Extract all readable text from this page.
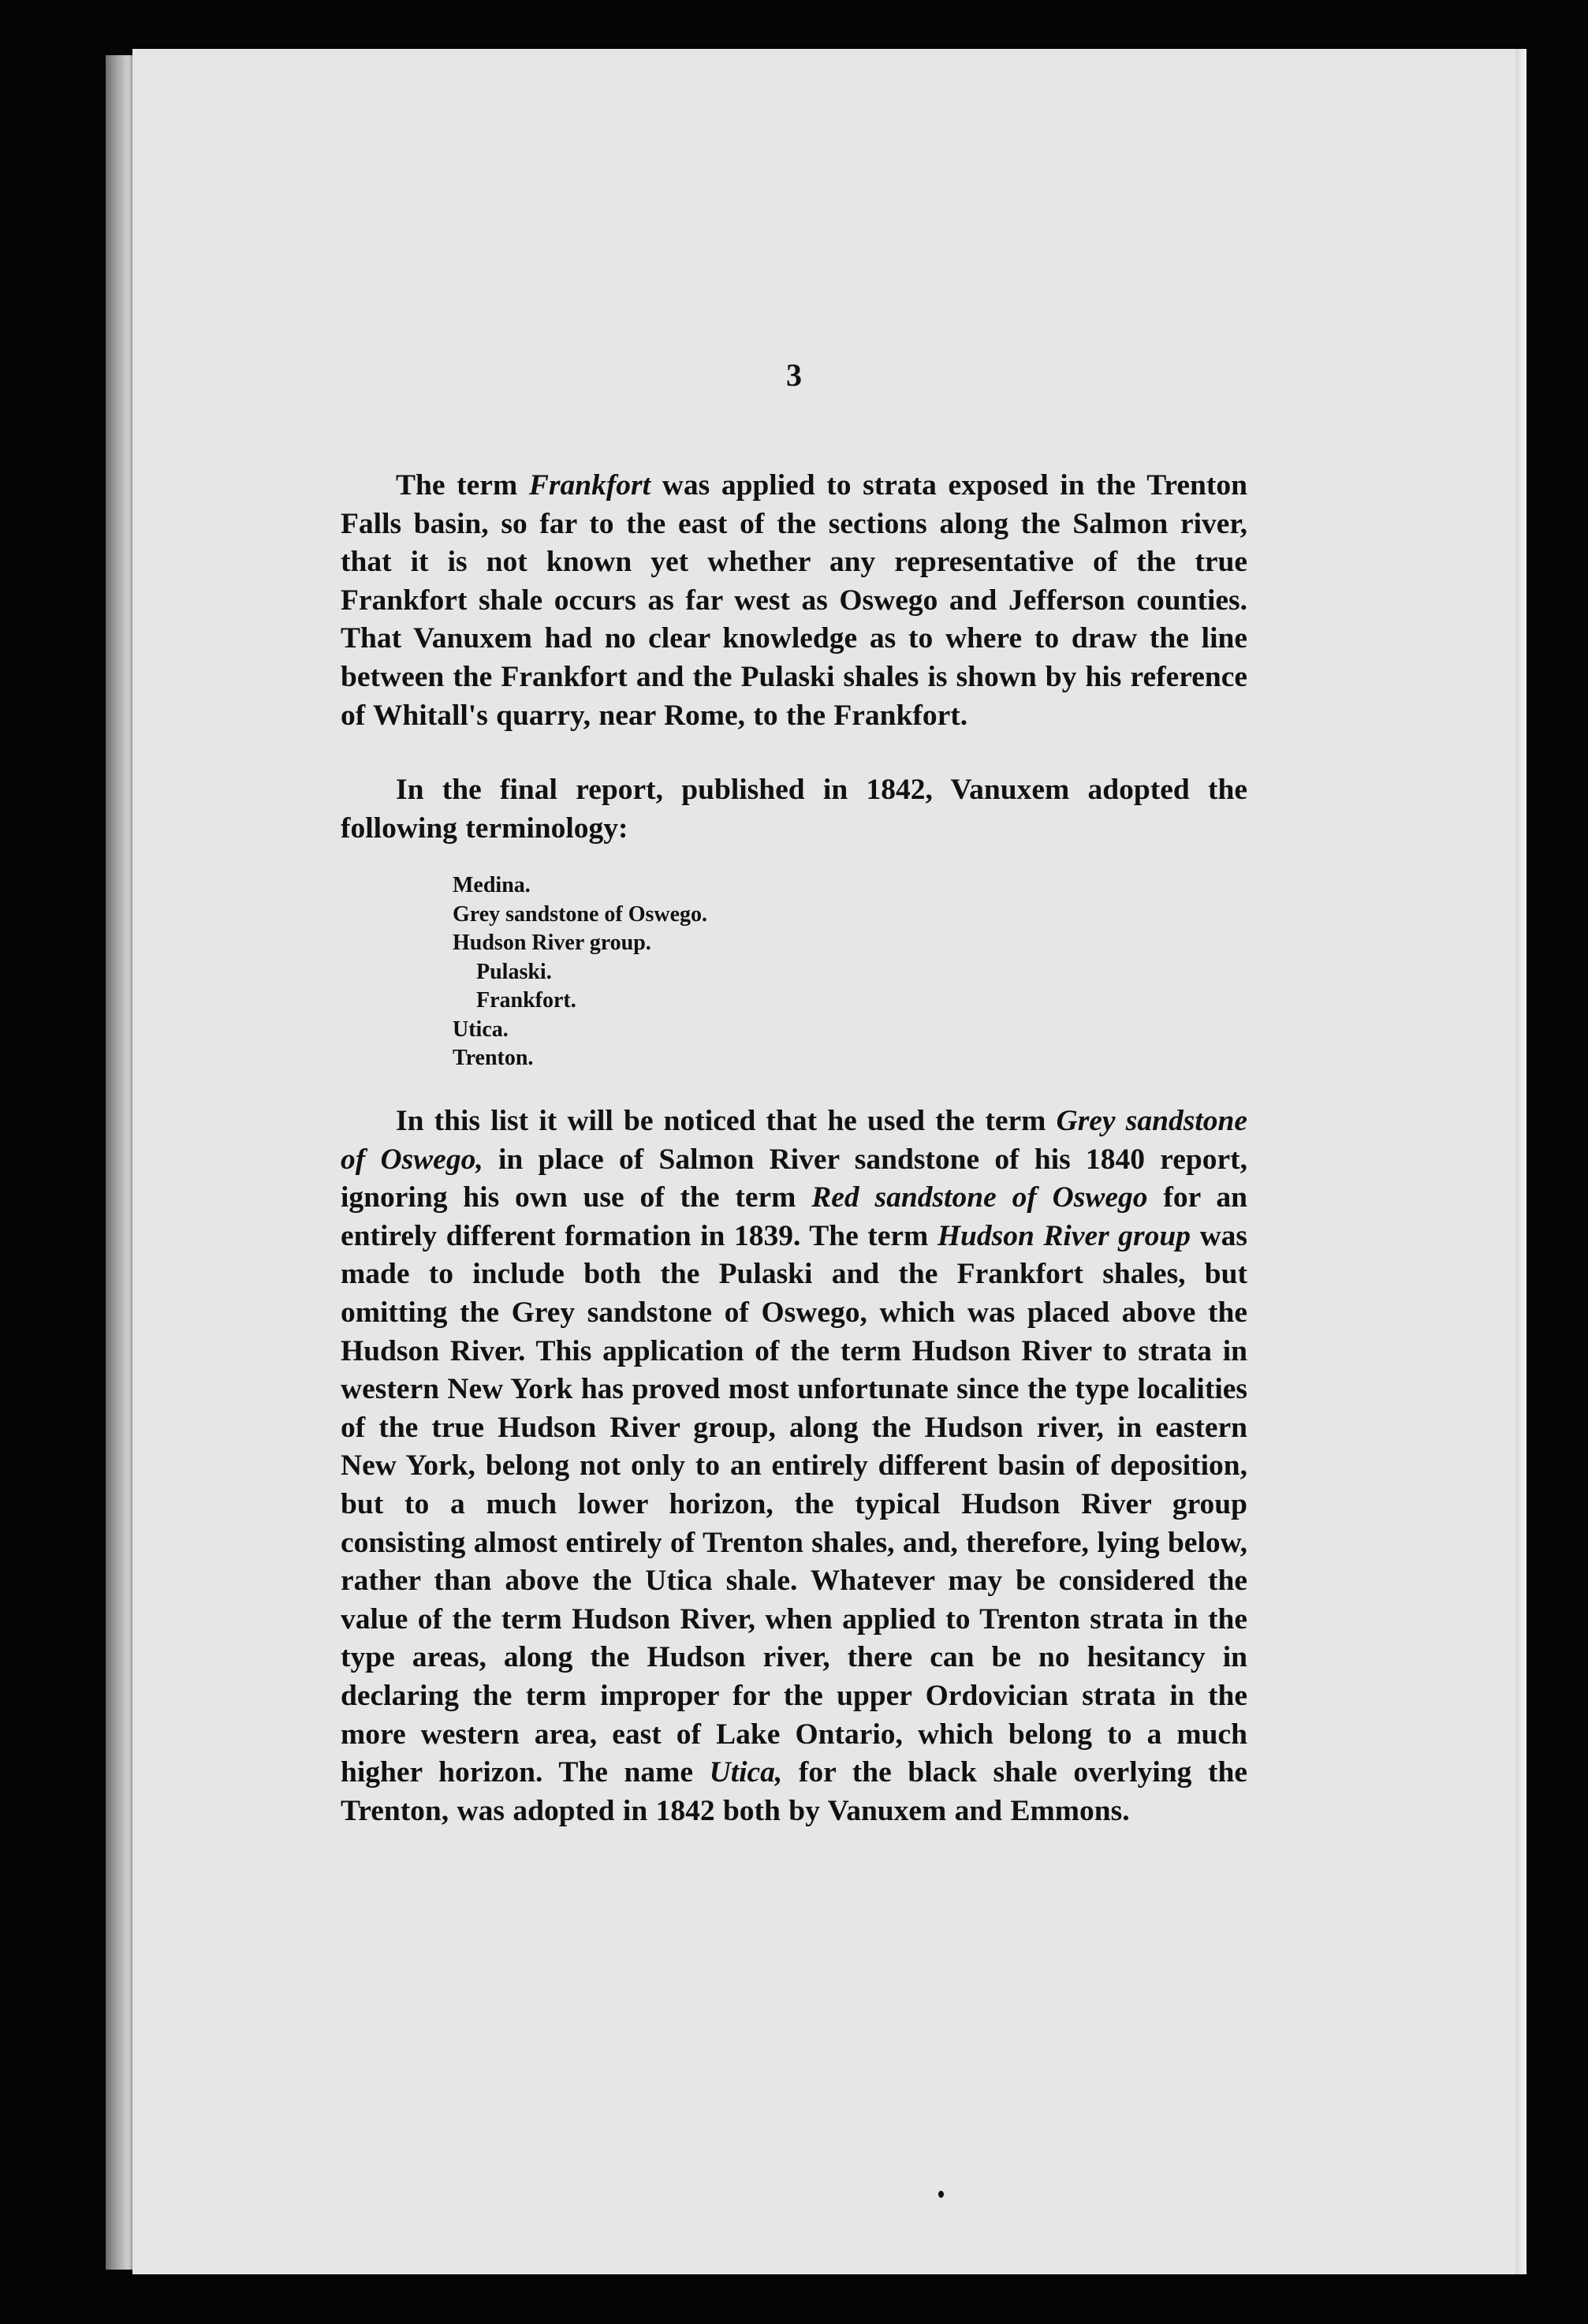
3

The term Frankfort was applied to strata exposed in the Trenton Falls basin, so far to the east of the sections along the Salmon river, that it is not known yet whether any representative of the true Frankfort shale occurs as far west as Oswego and Jefferson counties. That Vanuxem had no clear knowledge as to where to draw the line between the Frankfort and the Pulaski shales is shown by his reference of Whitall's quarry, near Rome, to the Frankfort.

In the final report, published in 1842, Vanuxem adopted the following terminology:

Medina.
Grey sandstone of Oswego.
Hudson River group.
Pulaski.
Frankfort.
Utica.
Trenton.

In this list it will be noticed that he used the term Grey sandstone of Oswego, in place of Salmon River sandstone of his 1840 report, ignoring his own use of the term Red sandstone of Oswego for an entirely different formation in 1839. The term Hudson River group was made to include both the Pulaski and the Frankfort shales, but omitting the Grey sandstone of Oswego, which was placed above the Hudson River. This application of the term Hudson River to strata in western New York has proved most unfortunate since the type localities of the true Hudson River group, along the Hudson river, in eastern New York, belong not only to an entirely different basin of deposition, but to a much lower horizon, the typical Hudson River group consisting almost entirely of Trenton shales, and, therefore, lying below, rather than above the Utica shale. Whatever may be considered the value of the term Hudson River, when applied to Trenton strata in the type areas, along the Hudson river, there can be no hesitancy in declaring the term improper for the upper Ordovician strata in the more western area, east of Lake Ontario, which belong to a much higher horizon. The name Utica, for the black shale overlying the Trenton, was adopted in 1842 both by Vanuxem and Emmons.
